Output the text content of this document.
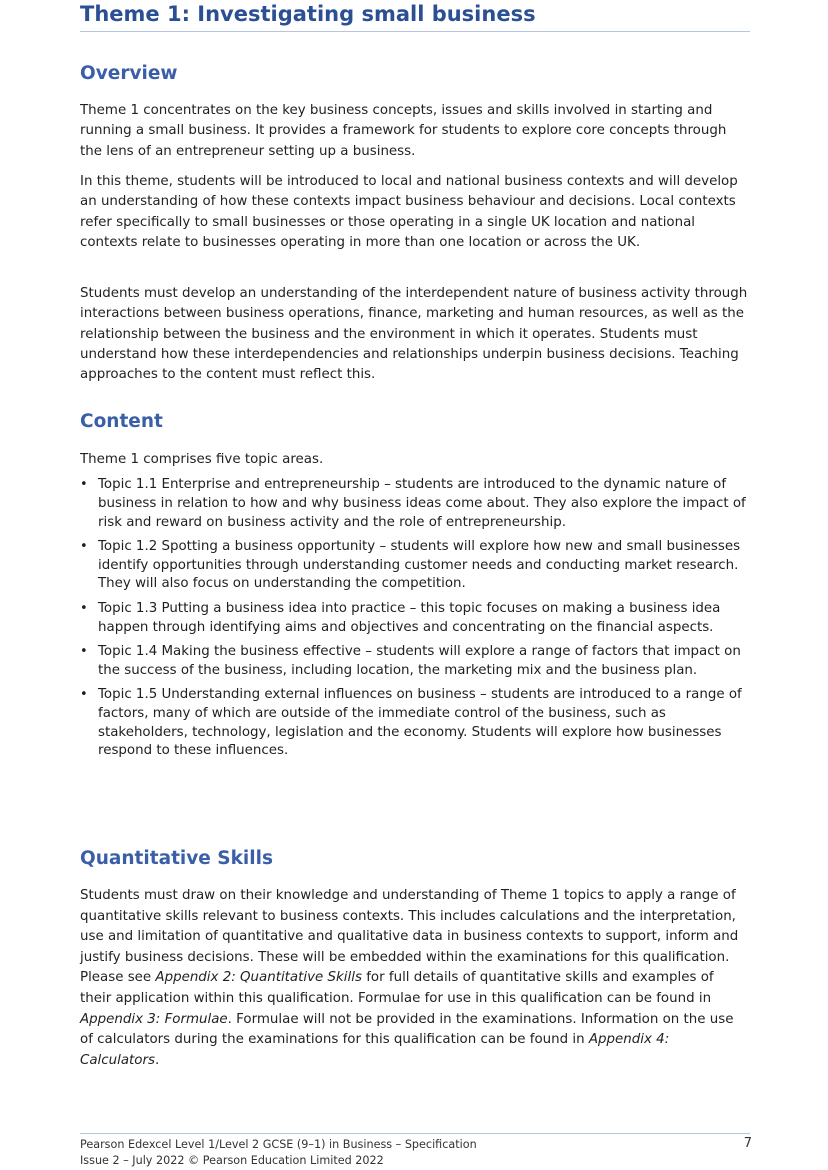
Theme 1: Investigating small business
Overview

Theme 1 concentrates on the key business concepts, issues and skills involved in starting and running a small business. It provides a framework for students to explore core concepts through the lens of an entrepreneur setting up a business.

In this theme, students will be introduced to local and national business contexts and will develop an understanding of how these contexts impact business behaviour and decisions. Local contexts refer specifically to small businesses or those operating in a single UK location and national contexts relate to businesses operating in more than one location or across the UK.

Students must develop an understanding of the interdependent nature of business activity through interactions between business operations, finance, marketing and human resources, as well as the relationship between the business and the environment in which it operates. Students must understand how these interdependencies and relationships underpin business decisions. Teaching approaches to the content must reflect this.

Content

Theme 1 comprises five topic areas.

• Topic 1.1 Enterprise and entrepreneurship – students are introduced to the dynamic nature of business in relation to how and why business ideas come about. They also explore the impact of risk and reward on business activity and the role of entrepreneurship.
• Topic 1.2 Spotting a business opportunity – students will explore how new and small businesses identify opportunities through understanding customer needs and conducting market research. They will also focus on understanding the competition.
• Topic 1.3 Putting a business idea into practice – this topic focuses on making a business idea happen through identifying aims and objectives and concentrating on the financial aspects.
• Topic 1.4 Making the business effective – students will explore a range of factors that impact on the success of the business, including location, the marketing mix and the business plan.
• Topic 1.5 Understanding external influences on business – students are introduced to a range of factors, many of which are outside of the immediate control of the business, such as stakeholders, technology, legislation and the economy. Students will explore how businesses respond to these influences.
Quantitative Skills

Students must draw on their knowledge and understanding of Theme 1 topics to apply a range of quantitative skills relevant to business contexts. This includes calculations and the interpretation, use and limitation of quantitative and qualitative data in business contexts to support, inform and justify business decisions. These will be embedded within the examinations for this qualification. Please see Appendix 2: Quantitative Skills for full details of quantitative skills and examples of their application within this qualification. Formulae for use in this qualification can be found in Appendix 3: Formulae. Formulae will not be provided in the examinations. Information on the use of calculators during the examinations for this qualification can be found in Appendix 4: Calculators.

Pearson Edexcel Level 1/Level 2 GCSE (9–1) in Business – Specification

Issue 2 – July 2022 © Pearson Education Limited 2022

7
